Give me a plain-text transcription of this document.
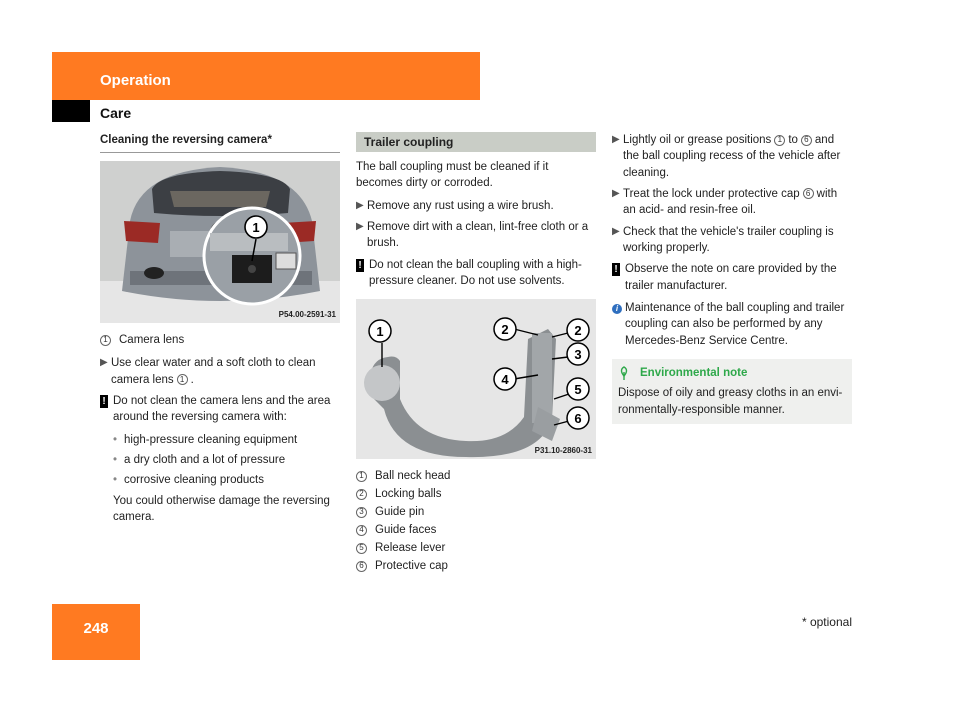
Operation
Care
Cleaning the reversing camera*
1
P54.00-2591-31
1 Camera lens
▶ Use clear water and a soft cloth to clean camera lens 1 .
! Do not clean the camera lens and the area around the reversing camera with:
• high-pressure cleaning equipment
• a dry cloth and a lot of pressure
• corrosive cleaning products

You could otherwise damage the reversing camera.

Trailer coupling

The ball coupling must be cleaned if it becomes dirty or corroded.

▶ Remove any rust using a wire brush.
▶ Remove dirt with a clean, lint-free cloth or a brush.
! Do not clean the ball coupling with a high-pressure cleaner. Do not use solvents.
1	2	2
3
4
5
6
P31.10-2860-31
1 Ball neck head
2 Locking balls
3 Guide pin
4 Guide faces
5 Release lever
6 Protective cap
▶ Lightly oil or grease positions 1 to 6 and the ball coupling recess of the vehicle after cleaning.
▶ Treat the lock under protective cap 6 with an acid- and resin-free oil.
▶ Check that the vehicle's trailer coupling is working properly.
! Observe the note on care provided by the trailer manufacturer.
i Maintenance of the ball coupling and trailer coupling can also be performed by any Mercedes-Benz Service Centre.
Environmental note
Dispose of oily and greasy cloths in an envi-ronmentally-responsible manner.
248	* optional
